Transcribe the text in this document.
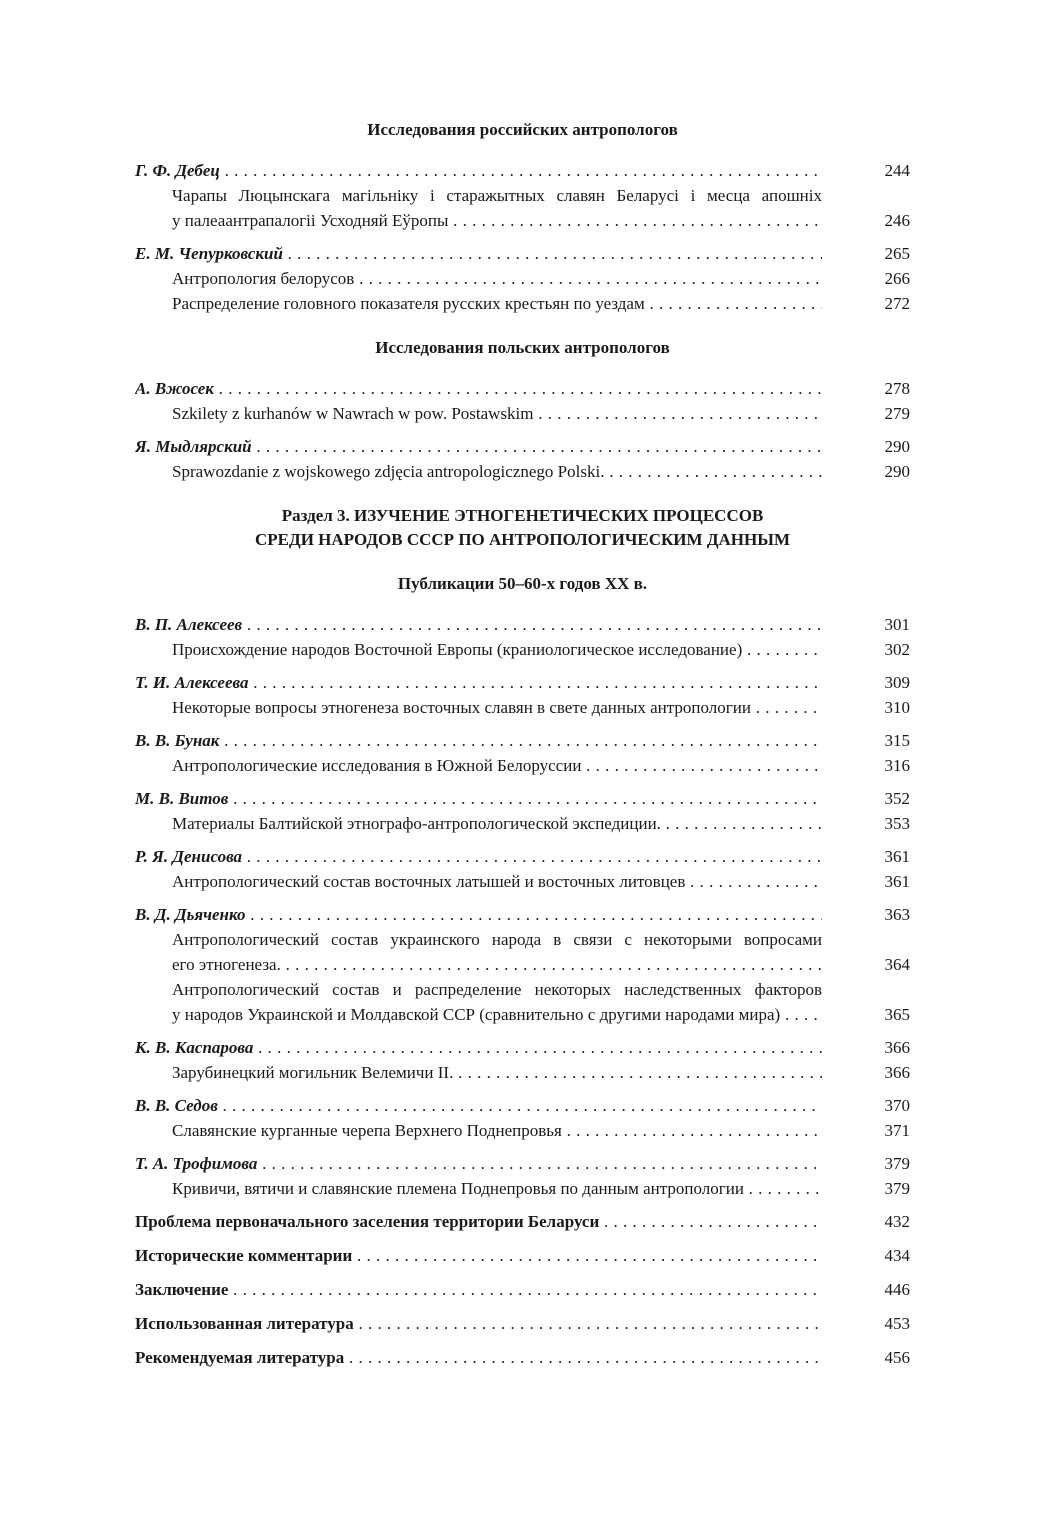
Исследования российских антропологов
Г. Ф. Дебец . . .	244
Чарапы Люцынскага магільніку і старажытных славян Беларусі і месца апошніх
у палеаантрапалогіі Усходняй Еўропы . . .	246
Е. М. Чепурковский . . .	265
Антропология белорусов . . .	266
Распределение головного показателя русских крестьян по уездам . . .	272
Исследования польских антропологов
А. Вжосек . . .	278
Szkilety z kurhanów w Nawrach w pow. Postawskim . . .	279
Я. Мыдлярский . . .	290
Sprawozdanie z wojskowego zdjęcia antropologicznego Polski. . . .	290
Раздел 3. ИЗУЧЕНИЕ ЭТНОГЕНЕТИЧЕСКИХ ПРОЦЕССОВ
СРЕДИ НАРОДОВ СССР ПО АНТРОПОЛОГИЧЕСКИМ ДАННЫМ
Публикации 50–60-х годов XX в.
В. П. Алексеев . . .	301
Происхождение народов Восточной Европы (краниологическое исследование) . . .	302
Т. И. Алексеева . . .	309
Некоторые вопросы этногенеза восточных славян в свете данных антропологии . . .	310
В. В. Бунак . . .	315
Антропологические исследования в Южной Белоруссии . . .	316
М. В. Витов . . .	352
Материалы Балтийской этнографо-антропологической экспедиции. . . .	353
Р. Я. Денисова . . .	361
Антропологический состав восточных латышей и восточных литовцев . . .	361
В. Д. Дьяченко . . .	363
Антропологический состав украинского народа в связи с некоторыми вопросами
его этногенеза. . . .	364
Антропологический состав и распределение некоторых наследственных факторов
у народов Украинской и Молдавской ССР (сравнительно с другими народами мира) . . .	365
К. В. Каспарова . . .	366
Зарубинецкий могильник Велемичи II. . . .	366
В. В. Седов . . .	370
Славянские курганные черепа Верхнего Поднепровья . . .	371
Т. А. Трофимова . . .	379
Кривичи, вятичи и славянские племена Поднепровья по данным антропологии . . .	379
Проблема первоначального заселения территории Беларуси . . .	432
Исторические комментарии . . .	434
Заключение . . .	446
Использованная литература . . .	453
Рекомендуемая литература . . .	456
